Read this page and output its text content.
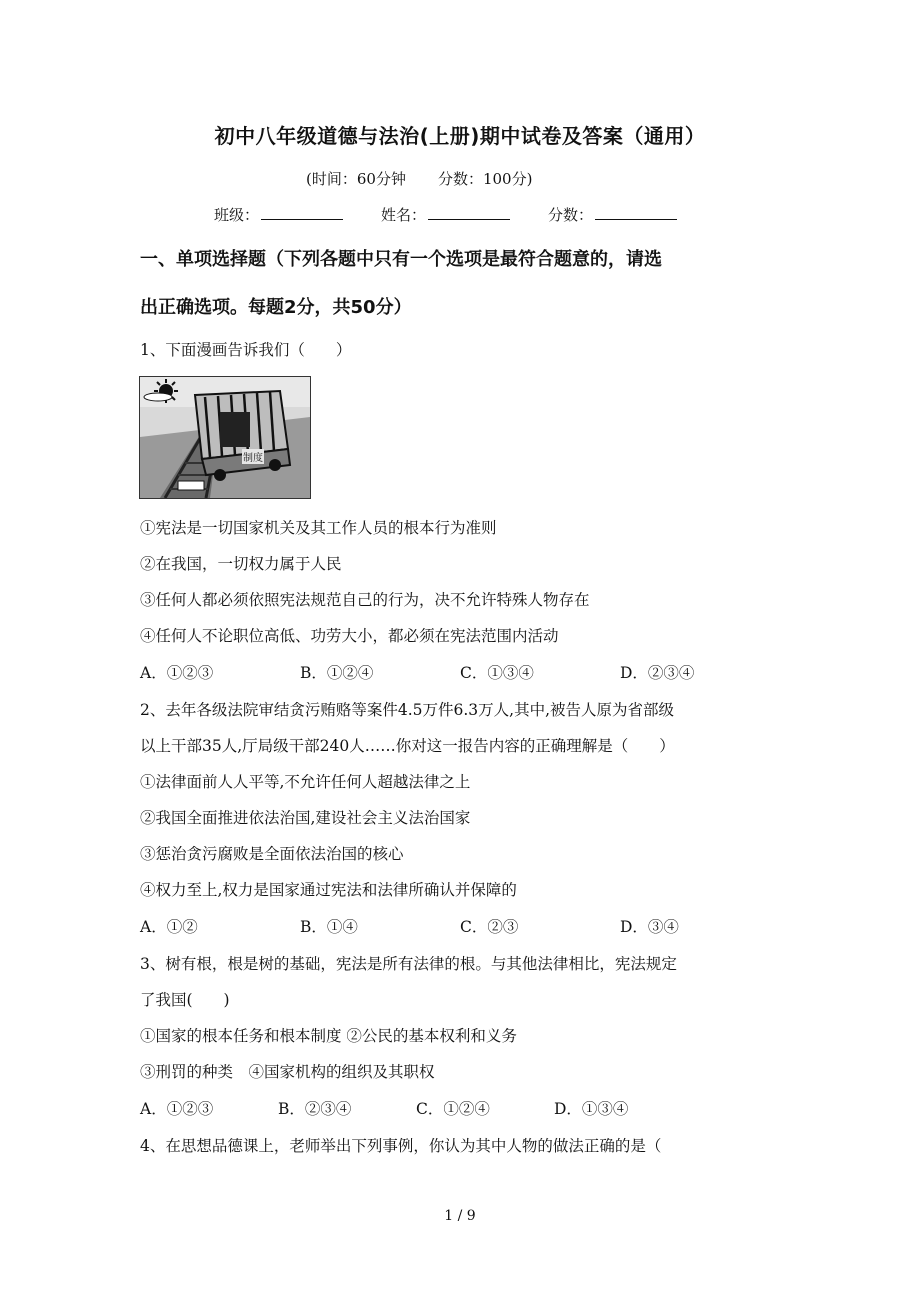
初中八年级道德与法治(上册)期中试卷及答案（通用）
(时间：60分钟 分数：100分)
班级：	姓名：	分数：
一、单项选择题（下列各题中只有一个选项是最符合题意的，请选
出正确选项。每题2分，共50分）
1、下面漫画告诉我们（　　）
制度
①宪法是一切国家机关及其工作人员的根本行为准则
②在我国，一切权力属于人民
③任何人都必须依照宪法规范自己的行为，决不允许特殊人物存在
④任何人不论职位高低、功劳大小，都必须在宪法范围内活动
A．①②③	B．①②④	C．①③④	D．②③④
2、去年各级法院审结贪污贿赂等案件4.5万件6.3万人,其中,被告人原为省部级
以上干部35人,厅局级干部240人……你对这一报告内容的正确理解是（　　）
①法律面前人人平等,不允许任何人超越法律之上
②我国全面推进依法治国,建设社会主义法治国家
③惩治贪污腐败是全面依法治国的核心
④权力至上,权力是国家通过宪法和法律所确认并保障的
A．①②	B．①④	C．②③	D．③④
3、树有根，根是树的基础，宪法是所有法律的根。与其他法律相比，宪法规定
了我国(　　)
①国家的根本任务和根本制度 ②公民的基本权利和义务
③刑罚的种类　④国家机构的组织及其职权
A．①②③	B．②③④	C．①②④	D．①③④
4、在思想品德课上，老师举出下列事例，你认为其中人物的做法正确的是（
1 / 9
